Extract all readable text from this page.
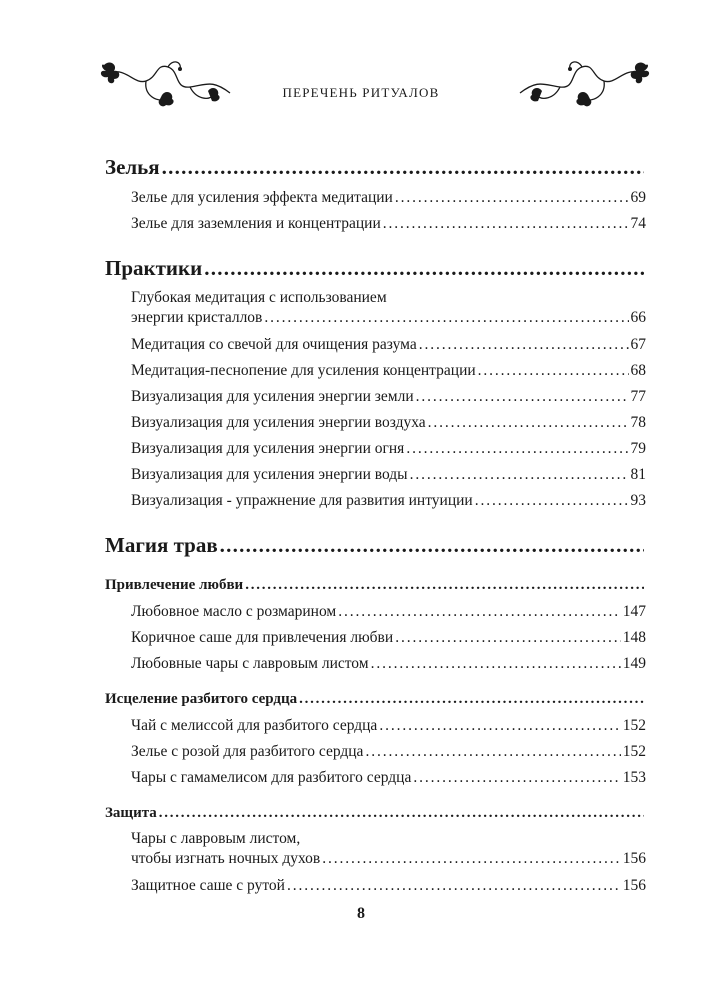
ПЕРЕЧЕНЬ РИТУАЛОВ
Зелья
. . .
Зелье для усиления эффекта медитации . . .	69
Зелье для заземления и концентрации . . .	74
Практики
. . .
Глубокая медитация с использованием
энергии кристаллов . . .	66
Медитация со свечой для очищения разума . . .	67
Медитация-песнопение для усиления концентрации . . .	68
Визуализация для усиления энергии земли . . .	77
Визуализация для усиления энергии воздуха . . .	78
Визуализация для усиления энергии огня . . .	79
Визуализация для усиления энергии воды . . .	81
Визуализация - упражнение для развития интуиции . . .	93
Магия трав
. . .
Привлечение любви
. . .
Любовное масло с розмарином . . .	147
Коричное саше для привлечения любви . . .	148
Любовные чары с лавровым листом . . .	149
Исцеление разбитого сердца
. . .
Чай с мелиссой для разбитого сердца . . .	152
Зелье с розой для разбитого сердца . . .	152
Чары с гамамелисом для разбитого сердца . . .	153
Защита
. . .
Чары с лавровым листом,
чтобы изгнать ночных духов . . .	156
Защитное саше с рутой . . .	156
8
